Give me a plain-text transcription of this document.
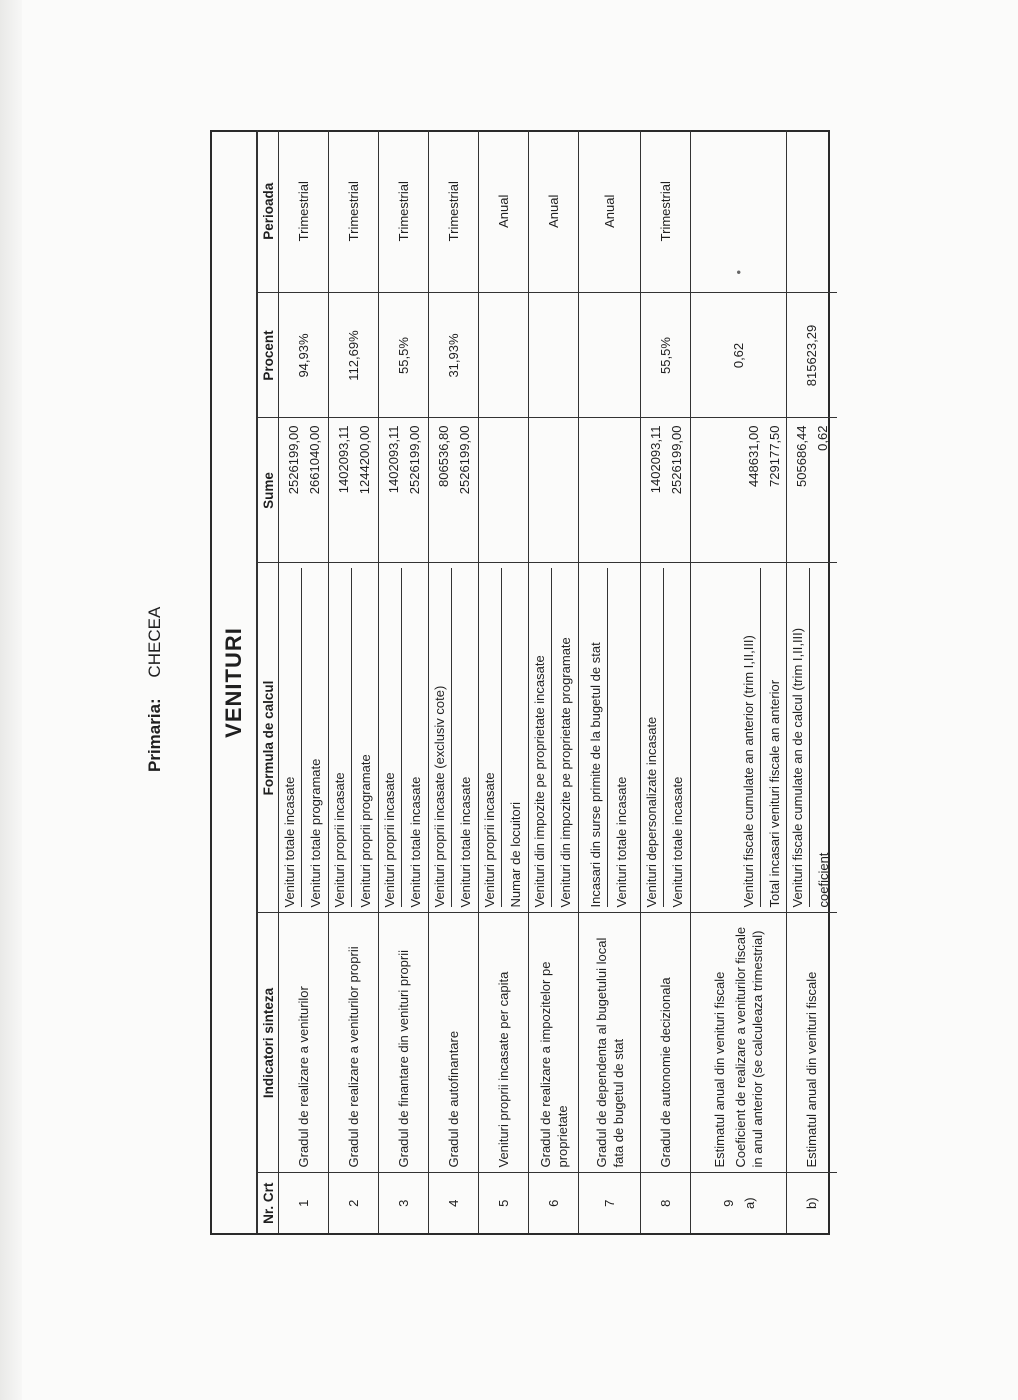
Primaria: CHECEA	VENITURI
Nr. Crt	Indicatori sinteza	Formula de calcul	Sume	Procent	Perioada
1	Gradul de realizare a veniturilor	Venituri totale incasate Venituri totale programate	2526199,00 2661040,00	94,93%	Trimestrial
2	Gradul de realizare a veniturilor proprii	Venituri proprii incasate Venituri proprii programate	1402093,11 1244200,00	112,69%	Trimestrial
3	Gradul de finantare din venituri proprii	Venituri proprii incasate Venituri totale incasate	1402093,11 2526199,00	55,5%	Trimestrial
4	Gradul de autofinantare	Venituri proprii incasate (exclusiv cote) Venituri totale incasate	806536,80 2526199,00	31,93%	Trimestrial
5	Venituri proprii incasate per capita	Venituri proprii incasate Numar de locuitori			Anual
6	Gradul de realizare a impozitelor pe proprietate	Venituri din impozite pe proprietate incasate Venituri din impozite pe proprietate programate			Anual
7	Gradul de dependenta al bugetului local fata de bugetul de stat	Incasari din surse primite de la bugetul de stat Venituri totale incasate			Anual
8	Gradul de autonomie decizionala	Venituri depersonalizate incasate Venituri totale incasate	1402093,11 2526199,00	55,5%	Trimestrial

9 a)	Estimatul anual din venituri fiscale Coeficient de realizare a veniturilor fiscale in anul anterior (se calculeaza trimestrial)	Venituri fiscale cumulate an anterior (trim I,II,III) Total incasari venituri fiscale an anterior	448631,00 729177,50	0,62	•
b)	Estimatul anual din venituri fiscale	Venituri fiscale cumulate an de calcul (trim I,II,III) coeficient	505686,44 0,62	815623,29	
